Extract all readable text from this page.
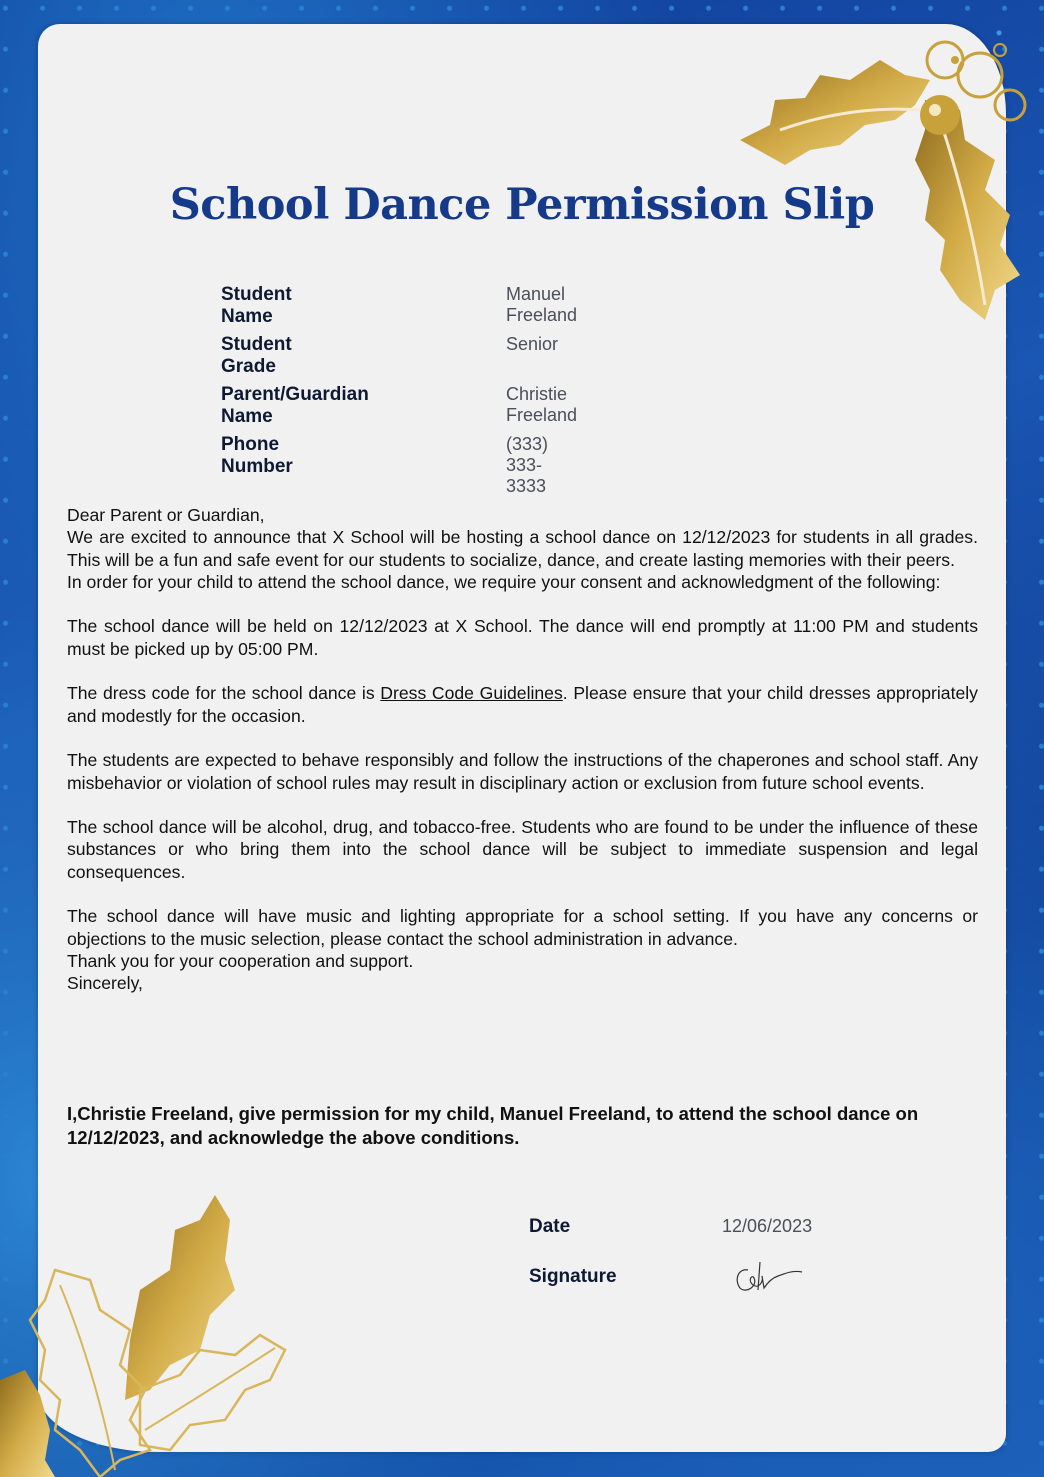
School Dance Permission Slip
Student Name
Manuel Freeland
Student Grade
Senior
Parent/Guardian Name
Christie Freeland
Phone Number
(333) 333-3333

Dear Parent or Guardian,

We are excited to announce that X School will be hosting a school dance on 12/12/2023 for students in all grades. This will be a fun and safe event for our students to socialize, dance, and create lasting memories with their peers.

In order for your child to attend the school dance, we require your consent and acknowledgment of the following:

The school dance will be held on 12/12/2023 at X School. The dance will end promptly at 11:00 PM and students must be picked up by 05:00 PM.

The dress code for the school dance is Dress Code Guidelines. Please ensure that your child dresses appropriately and modestly for the occasion.

The students are expected to behave responsibly and follow the instructions of the chaperones and school staff. Any misbehavior or violation of school rules may result in disciplinary action or exclusion from future school events.

The school dance will be alcohol, drug, and tobacco-free. Students who are found to be under the influence of these substances or who bring them into the school dance will be subject to immediate suspension and legal consequences.

The school dance will have music and lighting appropriate for a school setting. If you have any concerns or objections to the music selection, please contact the school administration in advance.

Thank you for your cooperation and support.

Sincerely,

I,Christie Freeland, give permission for my child, Manuel Freeland, to attend the school dance on 12/12/2023, and acknowledge the above conditions.
Date	12/06/2023
Signature
